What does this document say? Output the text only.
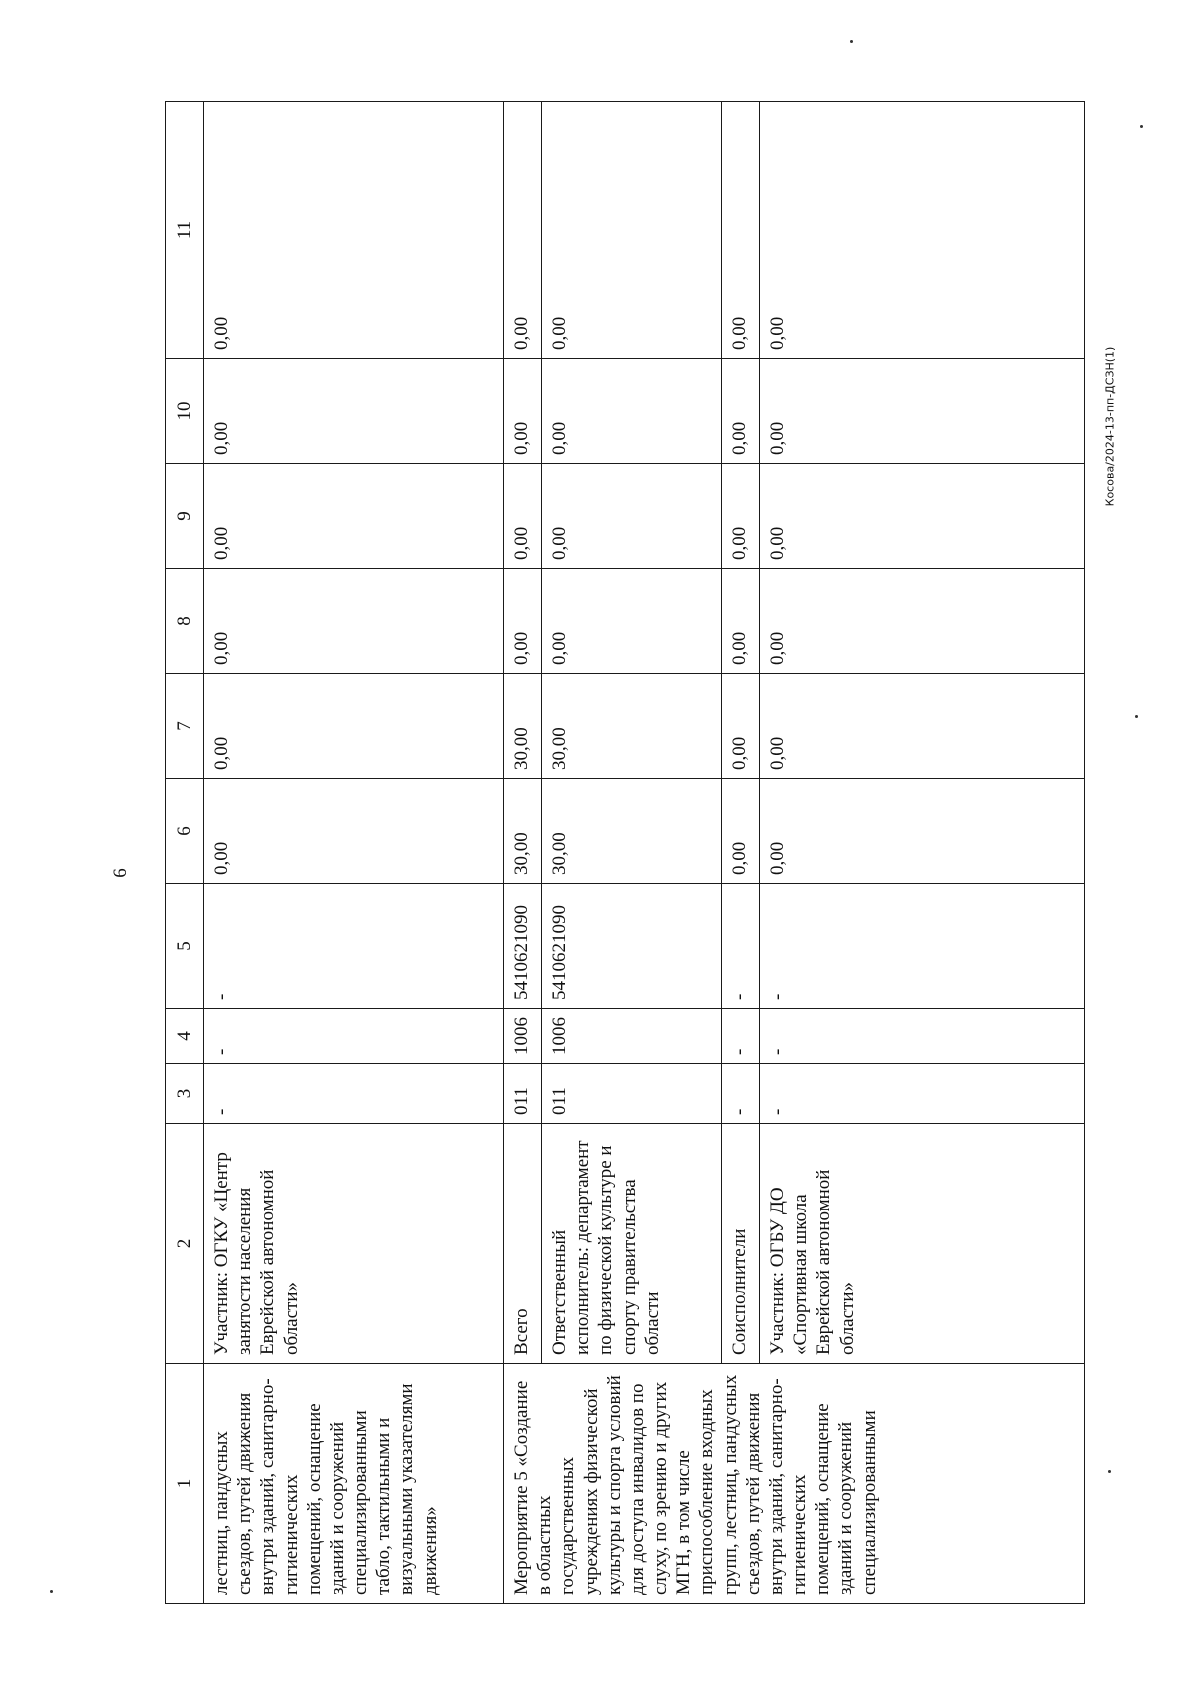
6
Косова/2024-13-пп-ДСЗН(1)
1	2	3	4	5	6	7	8	9	10	11
лестниц, пандусных съездов, путей движения внутри зданий, санитарно-гигиенических помещений, оснащение зданий и сооружений специализированными табло, тактильными и визуальными указателями движения»	Участник: ОГКУ «Центр занятости населения Еврейской автономной области»	-	-	-	0,00	0,00	0,00	0,00	0,00	0,00
Мероприятие 5 «Создание в областных государственных учреждениях физической культуры и спорта условий для доступа инвалидов по слуху, по зрению и других МГН, в том числе приспособление входных групп, лестниц, пандусных съездов, путей движения внутри зданий, санитарно-гигиенических помещений, оснащение зданий и сооружений специализированными	Всего	011	1006	5410621090	30,00	30,00	0,00	0,00	0,00	0,00
	Ответственный исполнитель: департамент по физической культуре и спорту правительства области	011	1006	5410621090	30,00	30,00	0,00	0,00	0,00	0,00
	Соисполнители	-	-	-	0,00	0,00	0,00	0,00	0,00	0,00
	Участник: ОГБУ ДО «Спортивная школа Еврейской автономной области»	-	-	-	0,00	0,00	0,00	0,00	0,00	0,00
